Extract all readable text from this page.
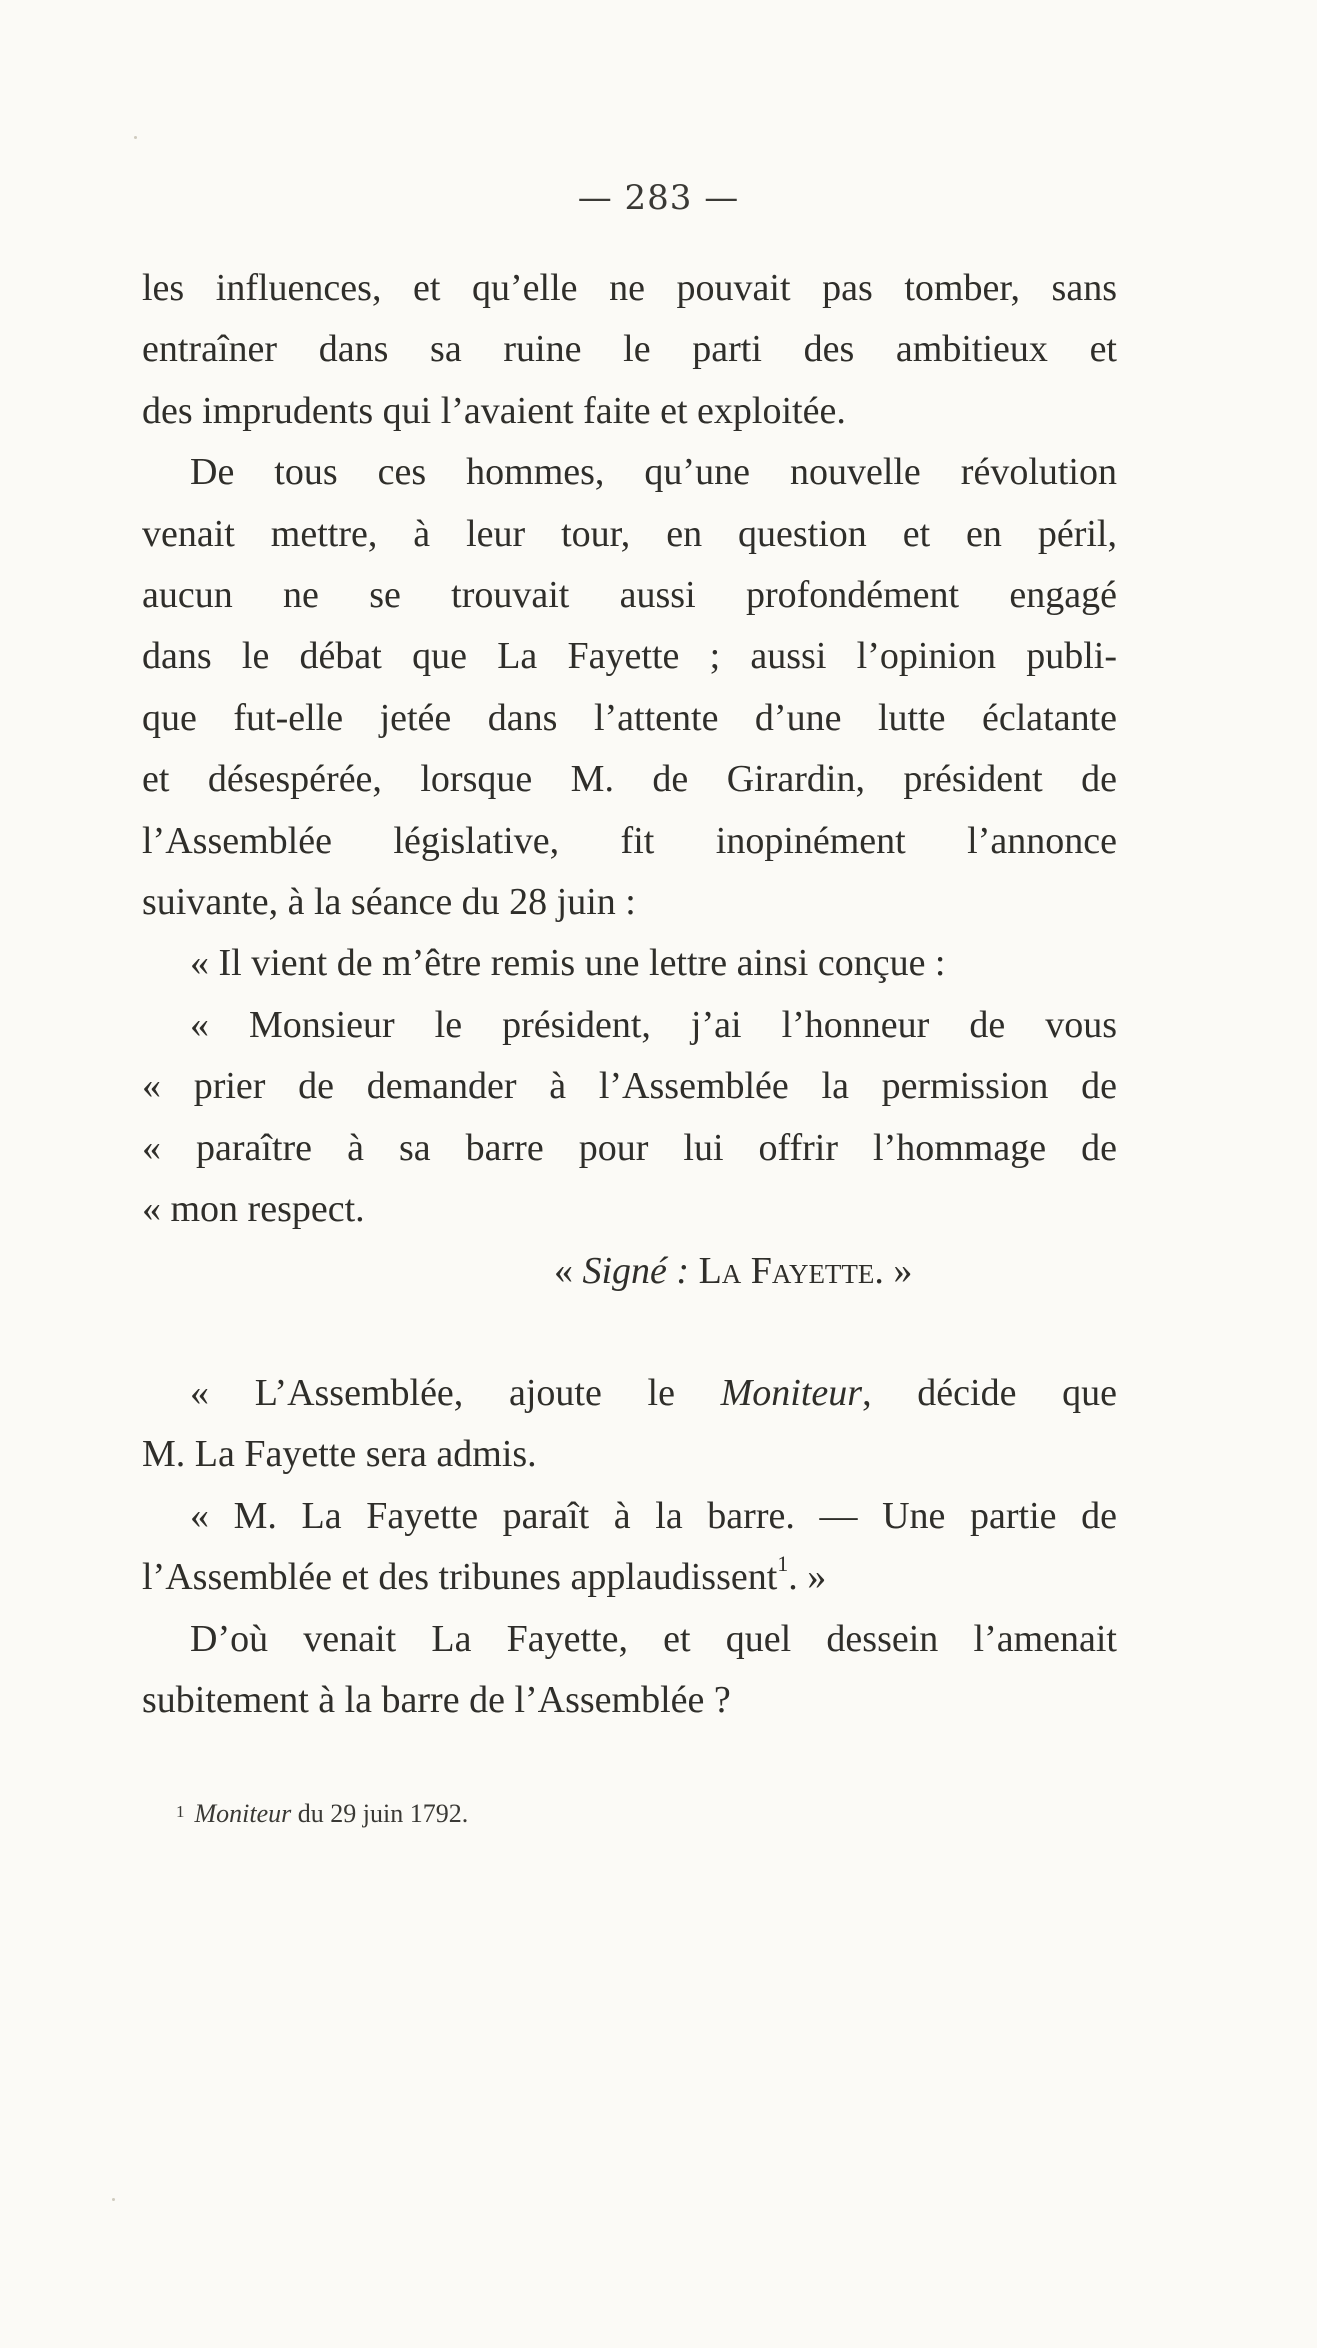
— 283 —
les influences, et qu’elle ne pouvait pas tomber, sans
entraîner dans sa ruine le parti des ambitieux et
des imprudents qui l’avaient faite et exploitée.
De tous ces hommes, qu’une nouvelle révolution
venait mettre, à leur tour, en question et en péril,
aucun ne se trouvait aussi profondément engagé
dans le débat que La Fayette ; aussi l’opinion publi-
que fut-elle jetée dans l’attente d’une lutte éclatante
et désespérée, lorsque M. de Girardin, président de
l’Assemblée législative, fit inopinément l’annonce
suivante, à la séance du 28 juin :
« Il vient de m’être remis une lettre ainsi conçue :
« Monsieur le président, j’ai l’honneur de vous
« prier de demander à l’Assemblée la permission de
« paraître à sa barre pour lui offrir l’hommage de
« mon respect.
« Signé : La Fayette. »
« L’Assemblée, ajoute le Moniteur, décide que
M. La Fayette sera admis.
« M. La Fayette paraît à la barre. — Une partie de
l’Assemblée et des tribunes applaudissent$^1$. »
D’où venait La Fayette, et quel dessein l’amenait
subitement à la barre de l’Assemblée ?
$^1$ Moniteur du 29 juin 1792.
